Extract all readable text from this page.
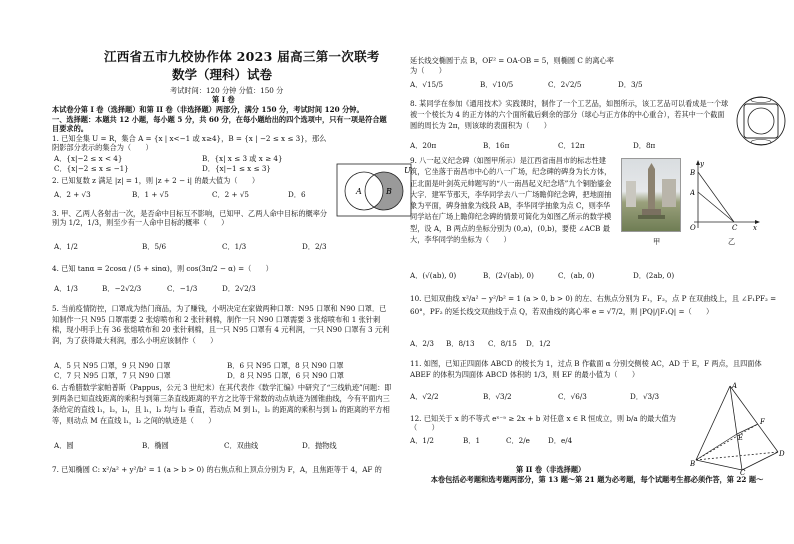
江西省五市九校协作体 2023 届高三第一次联考
数学（理科）试卷
考试时间：120 分钟 分值：150 分
第 I 卷
本试卷分第 I 卷（选择题）和第 II 卷（非选择题）两部分，满分 150 分，考试时间 120 分钟。
一、选择题：本题共 12 小题，每小题 5 分，共 60 分，在每小题给出的四个选项中，只有一项是符合题目要求的。
1. 已知全集 U = R，集合 A = {x | x<−1 或 x≥4}，B = {x | −2 ≤ x ≤ 3}，那么阴影部分表示的集合为（　　）
A．{x|−2 ≤ x < 4}	B．{x| x ≤ 3 或 x ≥ 4}
C．{x|−2 ≤ x ≤ −1}	D．{x|−1 ≤ x ≤ 3}
2. 已知复数 z 满足 |z| = 1，则 |z + 2 − i| 的最大值为（　　）
A．2 + √3	B．1 + √5	C．2 + √5	D．6
3. 甲、乙两人各射击一次，是否命中目标互不影响，已知甲、乙两人命中目标的概率分别为 1/2，1/3，则至少有一人命中目标的概率（　　）
A．1/2	B．5/6	C．1/3	D．2/3
4. 已知 tanα = 2cosα / (5 + sinα)，则 cos(3π/2 − α) =（　　）
A．1/3	B．−2√2/3	C．−1/3	D．2√2/3
5. 当前疫情防控，口罩成为热门商品，为了赚钱，小明决定在家做两种口罩：N95 口罩和 N90 口罩．已知制作一只 N95 口罩需要 2 张熔喷布和 2 张针刺棉，制作一只 N90 口罩需要 3 张熔喷布和 1 张针刺棉，现小明手上有 36 张熔喷布和 20 张针刺棉，且一只 N95 口罩有 4 元利润，一只 N90 口罩有 3 元利润，为了获得最大利润，那么小明应该制作（　　）
A．5 只 N95 口罩，9 只 N90 口罩	B．6 只 N95 口罩，8 只 N90 口罩
C．7 只 N95 口罩，7 只 N90 口罩	D．8 只 N95 口罩，6 只 N90 口罩
6. 古希腊数学家帕普斯（Pappus，公元 3 世纪末）在其代表作《数学汇编》中研究了“三线轨迹”问题：即到两条已知直线距离的乘积与到第三条直线距离的平方之比等于常数的动点轨迹为圆锥曲线，今有平面内三条给定的直线 l₁，l₂，l₃，且 l₁，l₂ 均与 l₃ 垂直，若动点 M 到 l₁，l₂ 的距离的乘积与到 l₃ 的距离的平方相等，则动点 M 在直线 l₁，l₂ 之间的轨迹是（　　）
A．圆	B．椭圆	C．双曲线	D．抛物线
7. 已知椭圆 C: x²/a² + y²/b² = 1 (a > b > 0) 的右焦点和上顶点分别为 F，A，且焦距等于 4，AF 的
U
A	B
延长线交椭圆于点 B，OF² = OA·OB = 5，则椭圆 C 的离心率为（　　）
A．√15/5	B．√10/5	C．2√2/5	D．3/5
8. 某同学在参加《通用技术》实践课时，制作了一个工艺品，如图所示，该工艺品可以看成是一个球被一个棱长为 4 的正方体的六个面所截后剩余的部分（球心与正方体的中心重合），若其中一个截面圆的周长为 2π，则该球的表面积为（　　）
A．20π	B．16π	C．12π	D．8π
9. 八一起义纪念碑（如图甲所示）是江西省南昌市的标志性建筑，它坐落于南昌市中心的八一广场，纪念碑的碑身为长方体，正北面是叶剑英元帅题写的“八一南昌起义纪念塔”九个铜胎鎏金大字．建军节那天，李华同学去八一广场瞻仰纪念碑，把地面抽象为平面，碑身抽象为线段 AB，李华同学抽象为点 C，则李华同学站在广场上瞻仰纪念碑的情景可简化为如图乙所示的数学模型，设 A，B 两点的坐标分别为 (0,a)，(0,b)，要使 ∠ACB 最大，李华同学的坐标为（　　）
A．(√(ab), 0)	B．(2√(ab), 0)	C．(ab, 0)	D．(2ab, 0)
甲	乙
10. 已知双曲线 x²/a² − y²/b² = 1 (a > 0, b > 0) 的左、右焦点分别为 F₁，F₂，点 P 在双曲线上，且 ∠F₁PF₂ = 60°，PF₂ 的延长线交双曲线于点 Q，若双曲线的离心率 e = √7/2，则 |PQ|/|F₁Q| =（　　）
A．2/3 B．8/13 C．8/15 D．1/2
11. 如图，已知正四面体 ABCD 的棱长为 1，过点 B 作截面 α 分别交侧棱 AC，AD 于 E，F 两点，且四面体 ABEF 的体积为四面体 ABCD 体积的 1/3，则 EF 的最小值为（　　）
A．√2/2	B．√3/2	C．√6/3	D．√3/3
12. 已知关于 x 的不等式 eˣ⁻ᵃ ≥ 2x + b 对任意 x ∈ R 恒成立，则 b/a 的最大值为（　　）
A．1/2	B．1	C．2/e	D．e/4
第 II 卷（非选择题）
本卷包括必考题和选考题两部分，第 13 题～第 21 题为必考题，每个试题考生都必须作答，第 22 题～
y
x
O	C
A
B
A
B
C
D
E
F
